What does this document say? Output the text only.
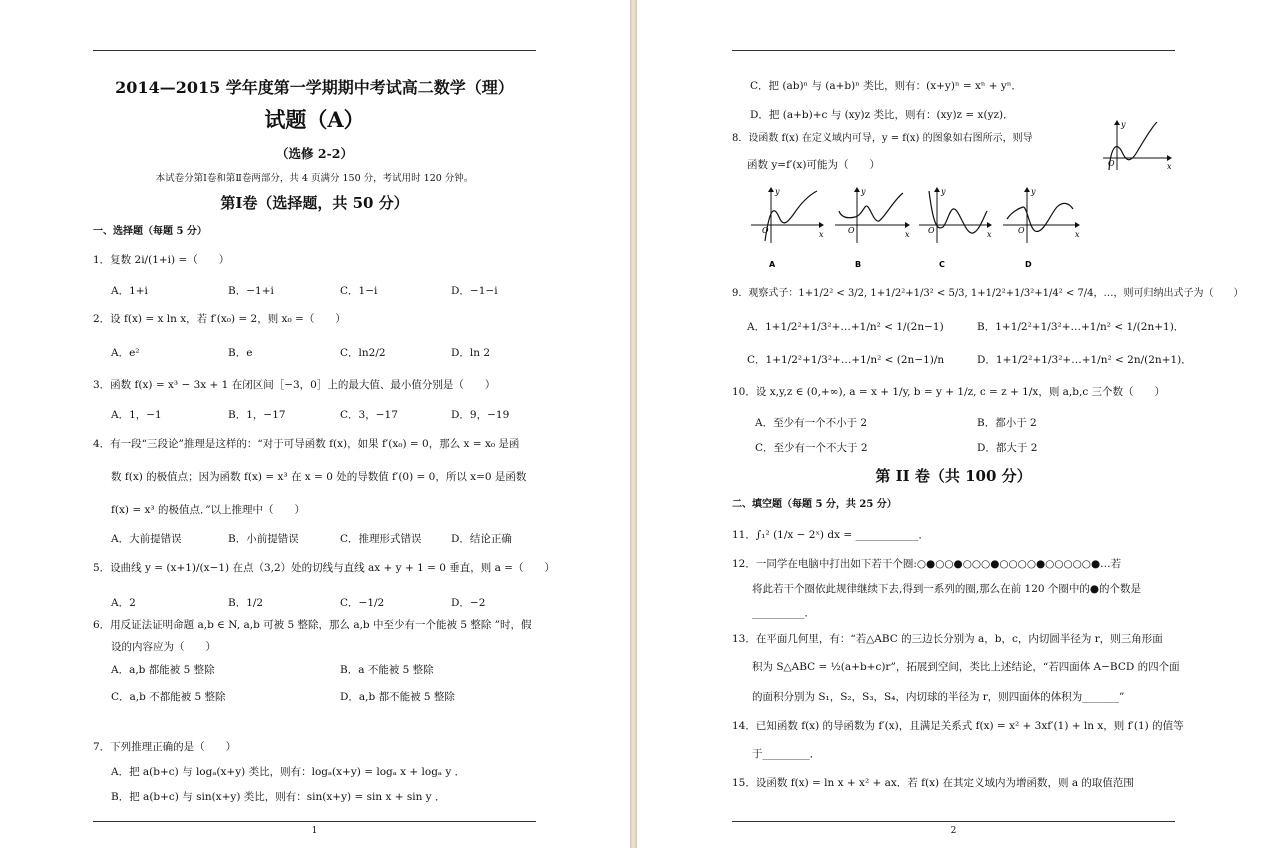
2014—2015 学年度第一学期期中考试高二数学（理）
试题（A）
（选修 2-2）
本试卷分第Ⅰ卷和第Ⅱ卷两部分，共 4 页满分 150 分，考试用时 120 分钟。
第Ⅰ卷（选择题，共 50 分）
一、选择题（每题 5 分）
1．复数 2i/(1+i) =（　　）
A．1+i	B．−1+i	C．1−i	D．−1−i
2．设 f(x) = x ln x，若 f′(x₀) = 2，则 x₀ =（　　）
A．e²	B．e	C．ln2/2	D．ln 2
3．函数 f(x) = x³ − 3x + 1 在闭区间［−3，0］上的最大值、最小值分别是（　　）
A．1，−1	B．1，−17	C．3，−17	D．9，−19
4．有一段“三段论”推理是这样的：“对于可导函数 f(x)，如果 f′(x₀) = 0，那么 x = x₀ 是函
数 f(x) 的极值点；因为函数 f(x) = x³ 在 x = 0 处的导数值 f′(0) = 0，所以 x=0 是函数
f(x) = x³ 的极值点．”以上推理中（　　）
A．大前提错误	B．小前提错误	C．推理形式错误	D．结论正确
5．设曲线 y = (x+1)/(x−1) 在点（3,2）处的切线与直线 ax + y + 1 = 0 垂直，则 a =（　　）
A．2	B．1/2	C．−1/2	D．−2
6．用反证法证明命题 a,b ∈ N, a,b 可被 5 整除，那么 a,b 中至少有一个能被 5 整除 ”时，假
设的内容应为（　　）
A．a,b 都能被 5 整除	B．a 不能被 5 整除
C．a,b 不都能被 5 整除	D．a,b 都不能被 5 整除
7．下列推理正确的是（　　）
A．把 a(b+c) 与 logₐ(x+y) 类比，则有：logₐ(x+y) = logₐ x + logₐ y ．
B．把 a(b+c) 与 sin(x+y) 类比，则有：sin(x+y) = sin x + sin y ．
1
C．把 (ab)ⁿ 与 (a+b)ⁿ 类比，则有：(x+y)ⁿ = xⁿ + yⁿ．
D．把 (a+b)+c 与 (xy)z 类比，则有：(xy)z = x(yz)．
8．设函数 f(x) 在定义域内可导，y = f(x) 的图象如右图所示，则导
函数 y=f′(x)可能为（　　）
y
x
O
y
x
O
A
y
x
O
B
y
x
O
C
y
x
O
D
9．观察式子：1+1/2² < 3/2, 1+1/2²+1/3² < 5/3, 1+1/2²+1/3²+1/4² < 7/4，…，则可归纳出式子为（　　）
A．1+1/2²+1/3²+…+1/n² < 1/(2n−1)	B．1+1/2²+1/3²+…+1/n² < 1/(2n+1)．
C．1+1/2²+1/3²+…+1/n² < (2n−1)/n	D．1+1/2²+1/3²+…+1/n² < 2n/(2n+1)．
10．设 x,y,z ∈ (0,+∞), a = x + 1/y, b = y + 1/z, c = z + 1/x，则 a,b,c 三个数（　　）
A．至少有一个不小于 2	B．都小于 2
C．至少有一个不大于 2	D．都大于 2
第 II 卷（共 100 分）
二、填空题（每题 5 分，共 25 分）
11．∫₁² (1/x − 2ˣ) dx = ____________．
12．一同学在电脑中打出如下若干个圈:○●○○●○○○●○○○○●○○○○○●…若
将此若干个圈依此规律继续下去,得到一系列的圈,那么在前 120 个圈中的●的个数是
__________．
13．在平面几何里，有：“若△ABC 的三边长分别为 a，b，c，内切圆半径为 r，则三角形面
积为 S△ABC = ½(a+b+c)r”，拓展到空间，类比上述结论，“若四面体 A−BCD 的四个面
的面积分别为 S₁，S₂，S₃，S₄，内切球的半径为 r，则四面体的体积为_______”
14．已知函数 f(x) 的导函数为 f′(x)，且满足关系式 f(x) = x² + 3xf′(1) + ln x，则 f′(1) 的值等
于_________．
15．设函数 f(x) = ln x + x² + ax．若 f(x) 在其定义域内为增函数，则 a 的取值范围
2
